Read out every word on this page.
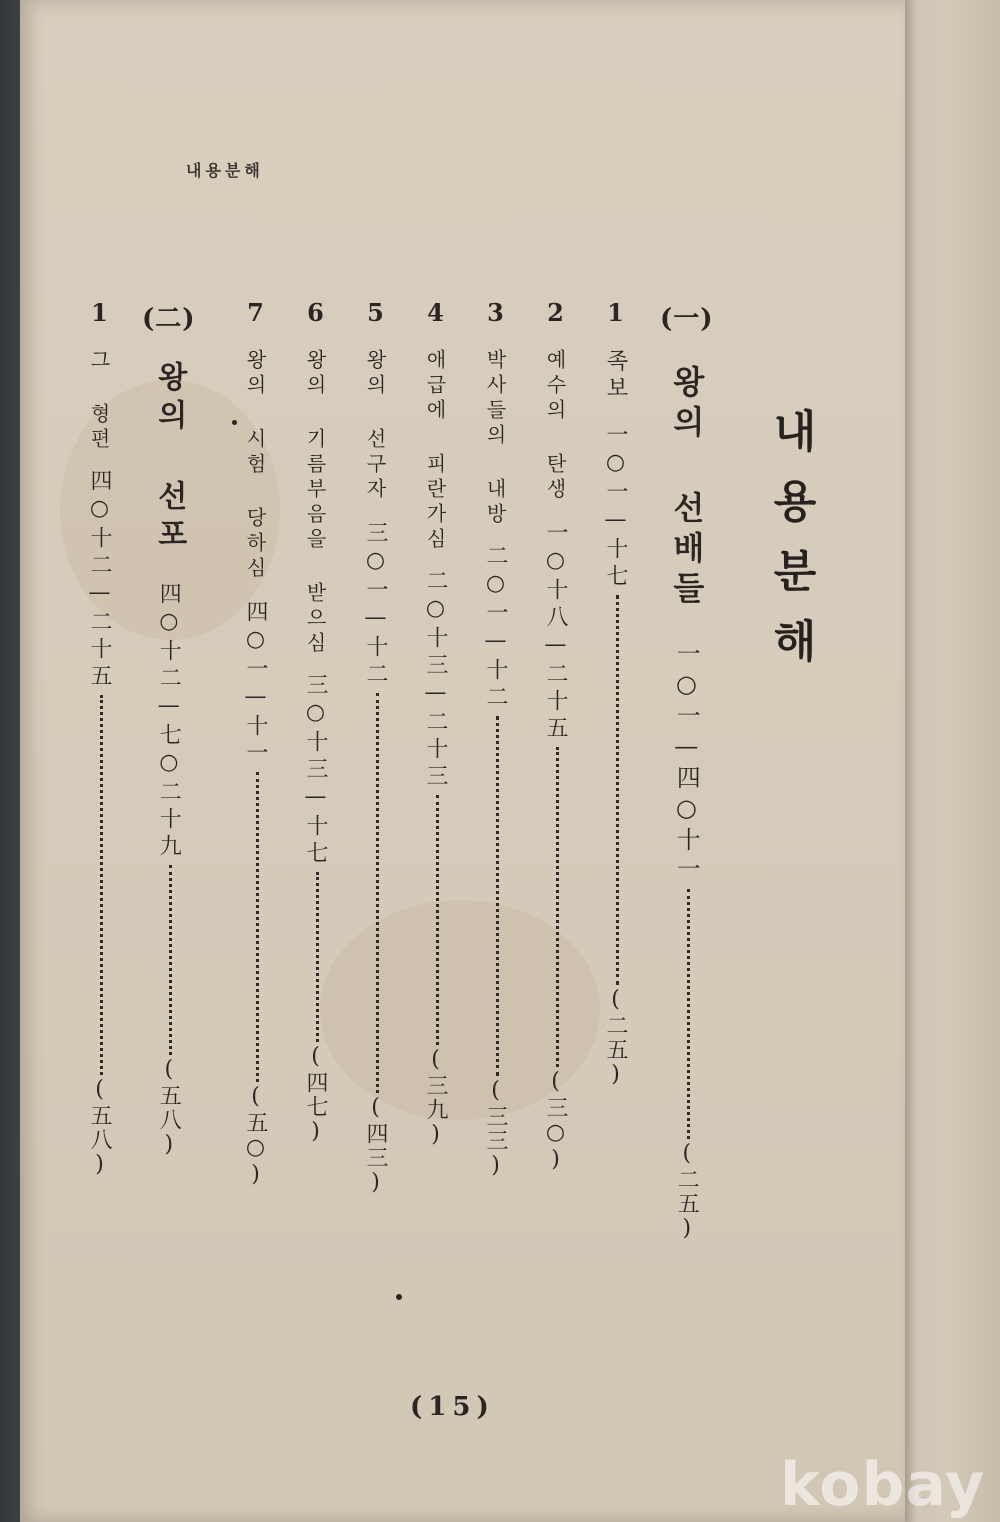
내용분해
내용분해
(一)
왕의 선배들
一○一—四○十一
(二五)
1
족보
一○一—十七
(二五)
2
예수의 탄생
一○十八—二十五
(三○)
3
박사들의 내방
二○一—十二
(三三)
4
애급에 피란가심
二○十三—二十三
(三九)
5
왕의 선구자
三○一—十二
(四三)
6
왕의 기름부음을 받으심
三○十三—十七
(四七)
7
왕의 시험 당하심
四○一—十一
(五○)
(二)
왕의 선포
四○十二—七○二十九
(五八)
1
그 형편
四○十二—二十五
(五八)
(15)
kobay
